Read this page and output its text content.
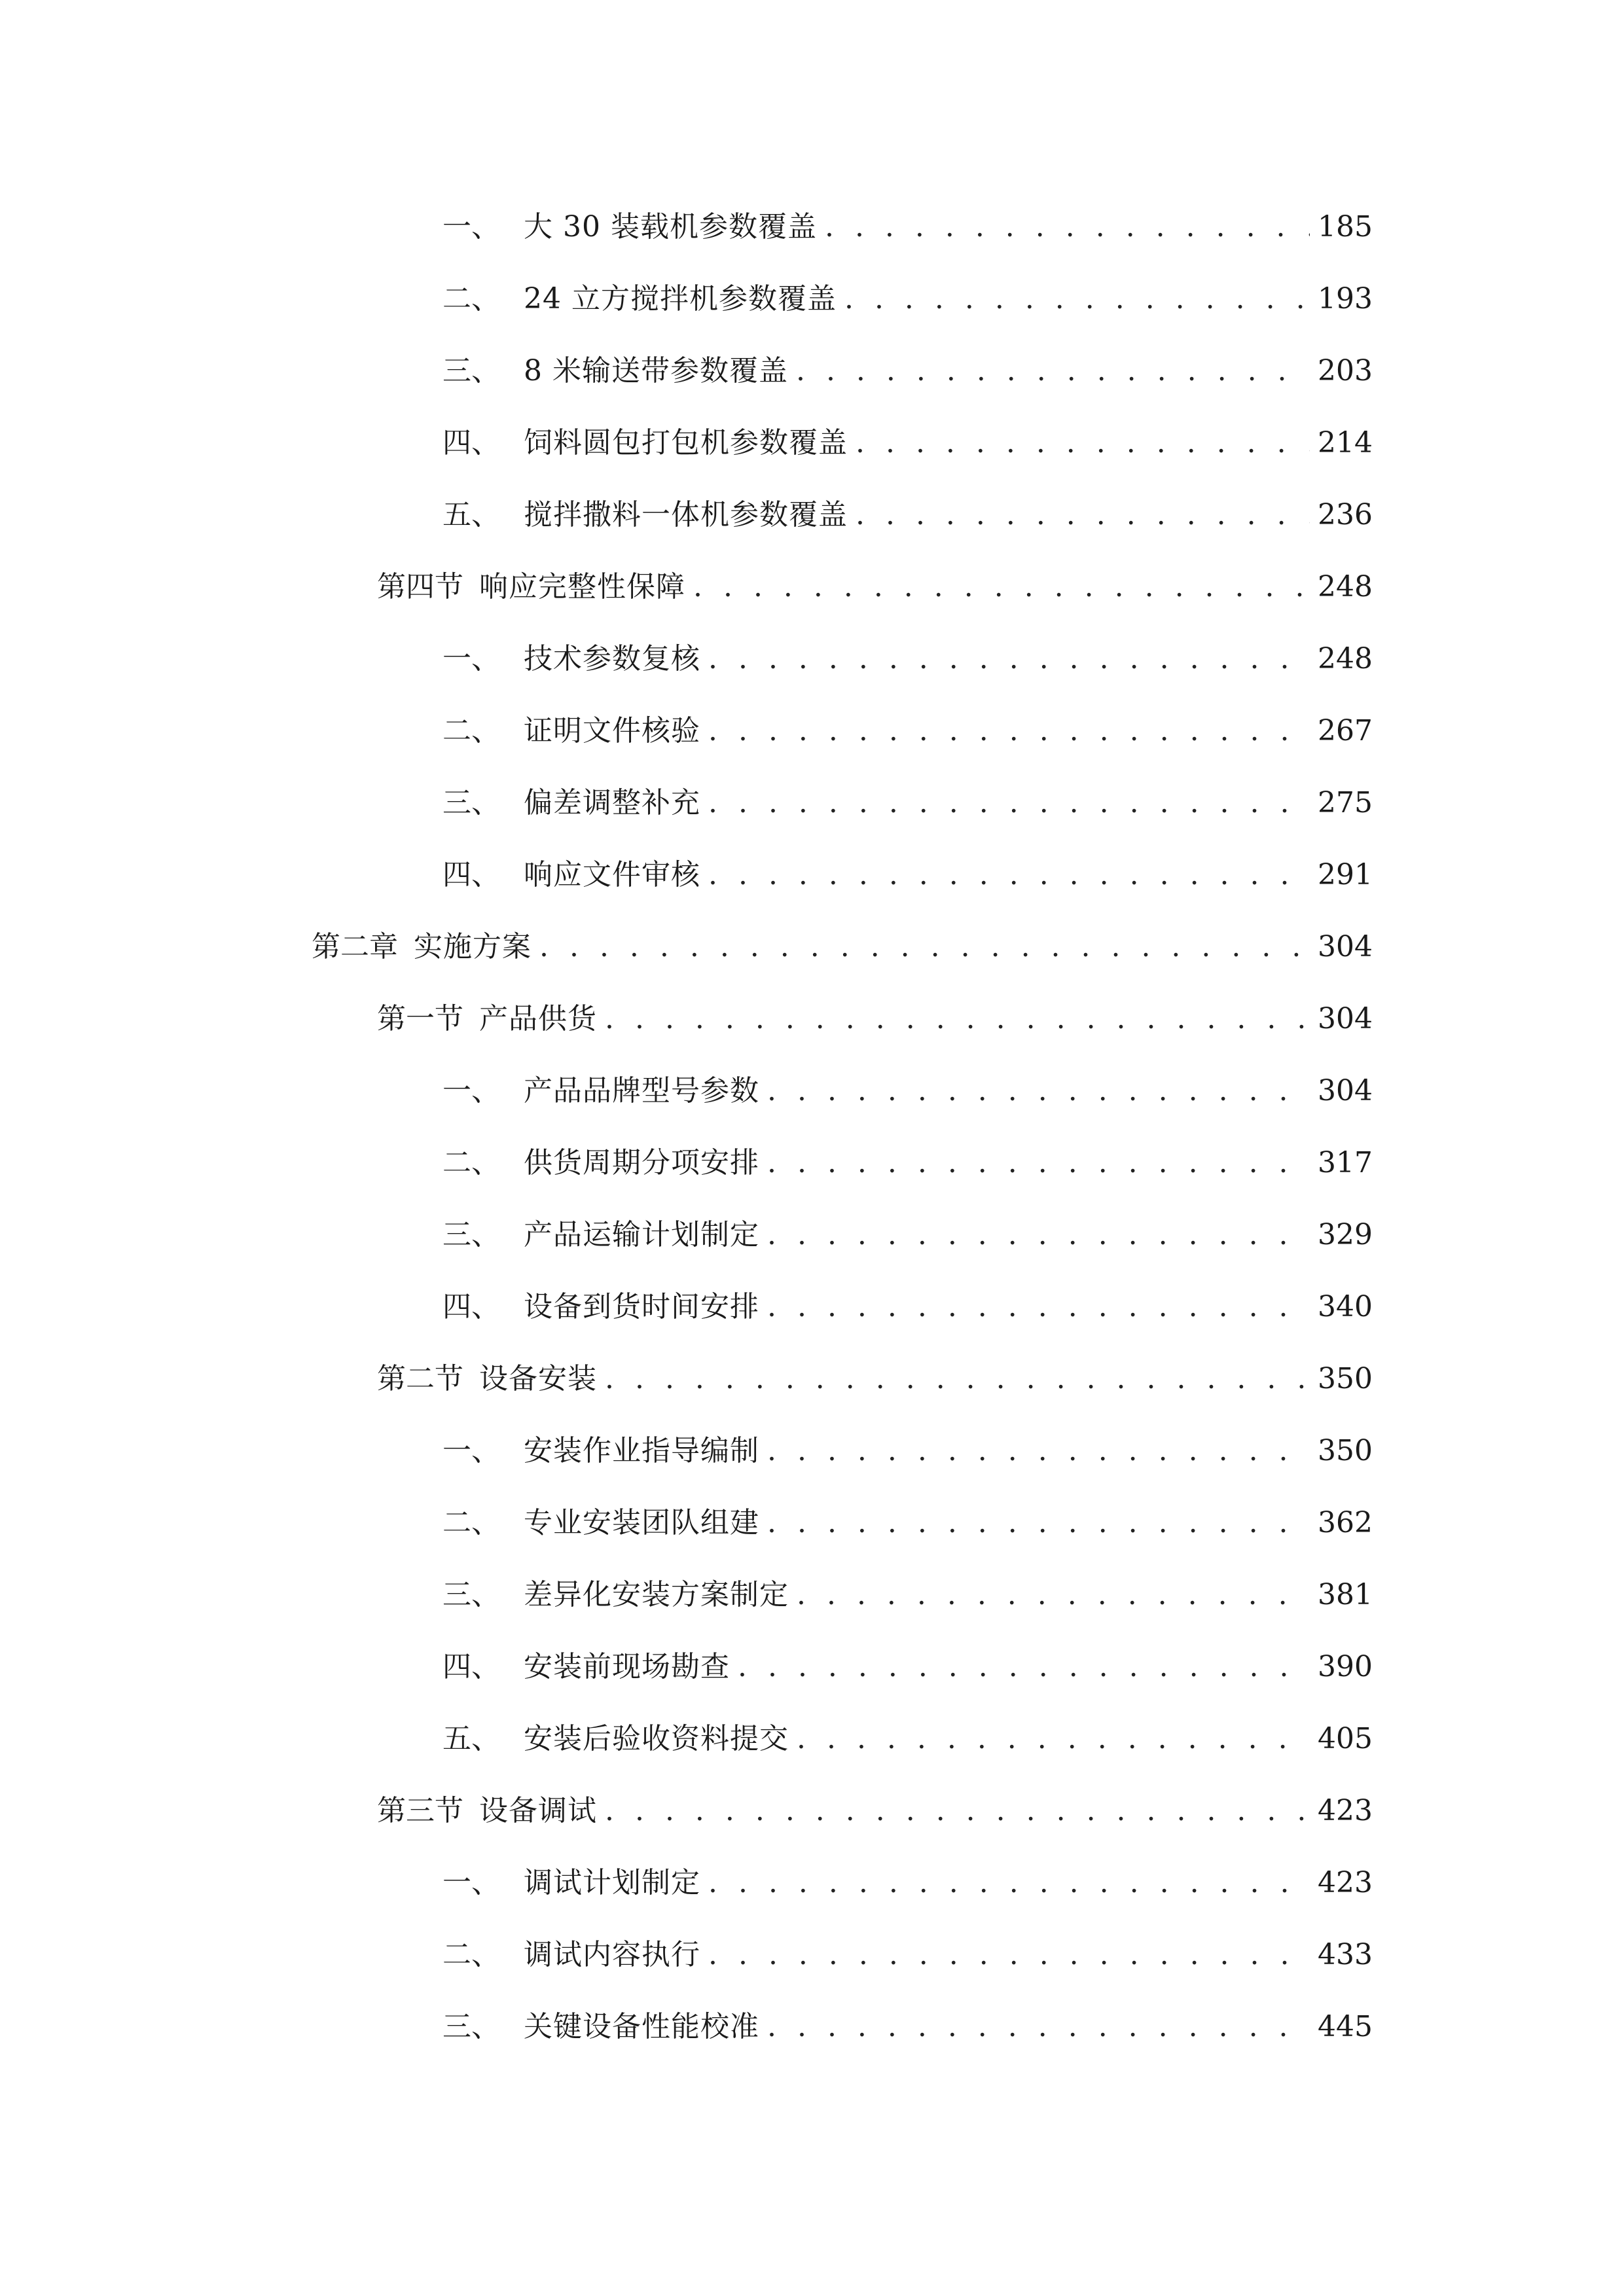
一、 大 30 装载机参数覆盖 . . .	185
二、 24 立方搅拌机参数覆盖 . . .	193
三、 8 米输送带参数覆盖 . . .	203
四、 饲料圆包打包机参数覆盖 . . .	214
五、 搅拌撒料一体机参数覆盖 . . .	236
第四节 响应完整性保障 . . .	248
一、 技术参数复核 . . .	248
二、 证明文件核验 . . .	267
三、 偏差调整补充 . . .	275
四、 响应文件审核 . . .	291
第二章 实施方案 . . .	304
第一节 产品供货 . . .	304
一、 产品品牌型号参数 . . .	304
二、 供货周期分项安排 . . .	317
三、 产品运输计划制定 . . .	329
四、 设备到货时间安排 . . .	340
第二节 设备安装 . . .	350
一、 安装作业指导编制 . . .	350
二、 专业安装团队组建 . . .	362
三、 差异化安装方案制定 . . .	381
四、 安装前现场勘查 . . .	390
五、 安装后验收资料提交 . . .	405
第三节 设备调试 . . .	423
一、 调试计划制定 . . .	423
二、 调试内容执行 . . .	433
三、 关键设备性能校准 . . .	445
